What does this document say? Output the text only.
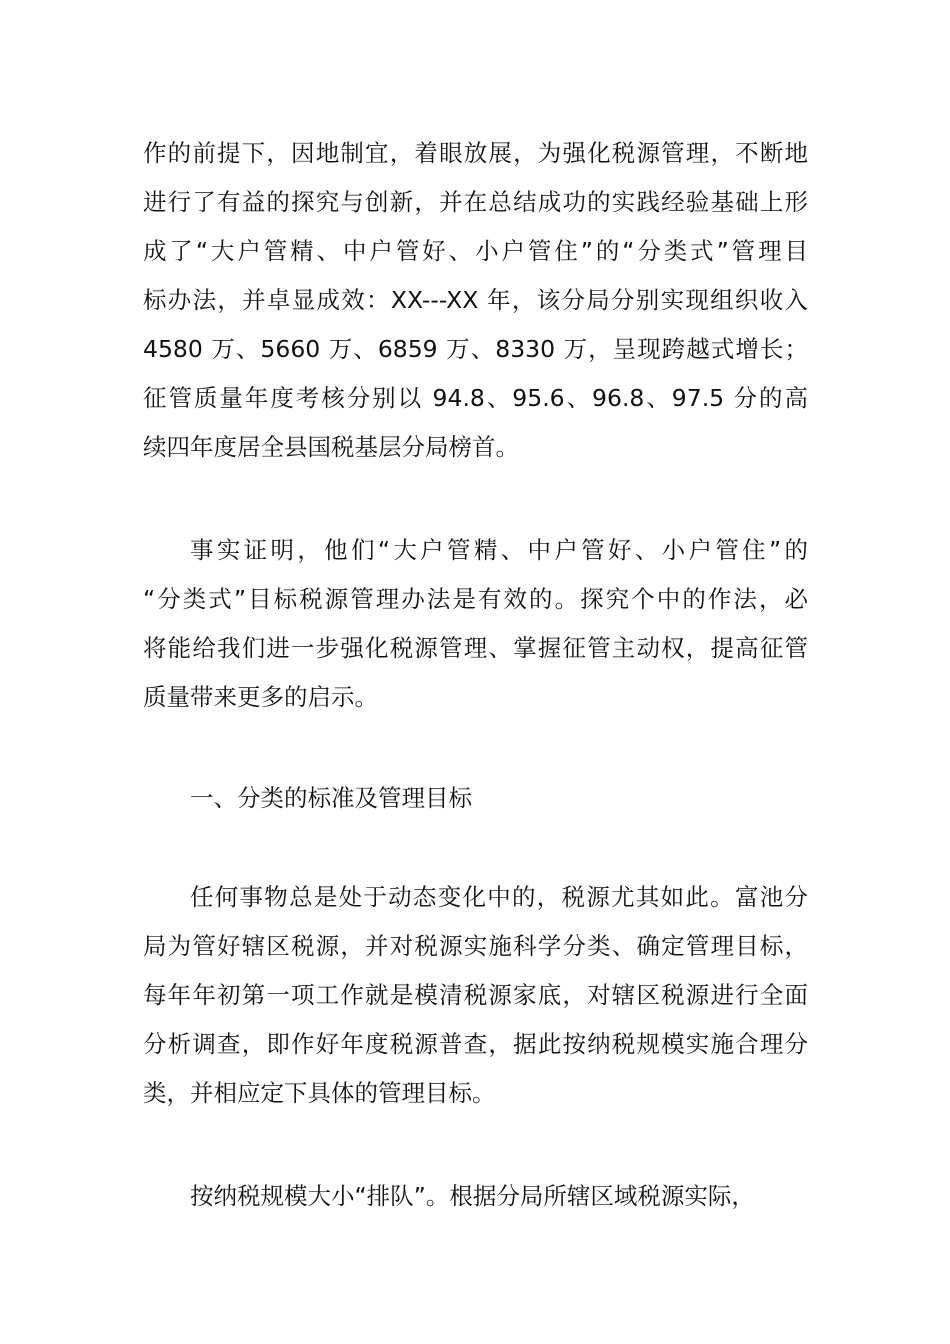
作的前提下，因地制宜，着眼放展，为强化税源管理，不断地
进行了有益的探究与创新，并在总结成功的实践经验基础上形
成了“大户管精、中户管好、小户管住”的“分类式”管理目
标办法，并卓显成效：XX---XX 年，该分局分别实现组织收入
4580 万、5660 万、6859 万、8330 万，呈现跨越式增长；
征管质量年度考核分别以 94.8、95.6、96.8、97.5 分的高
续四年度居全县国税基层分局榜首。
事实证明，他们“大户管精、中户管好、小户管住”的
“分类式”目标税源管理办法是有效的。探究个中的作法，必
将能给我们进一步强化税源管理、掌握征管主动权，提高征管
质量带来更多的启示。
一、分类的标准及管理目标
任何事物总是处于动态变化中的，税源尤其如此。富池分
局为管好辖区税源，并对税源实施科学分类、确定管理目标，
每年年初第一项工作就是模清税源家底，对辖区税源进行全面
分析调查，即作好年度税源普查，据此按纳税规模实施合理分
类，并相应定下具体的管理目标。
按纳税规模大小“排队”。根据分局所辖区域税源实际，
